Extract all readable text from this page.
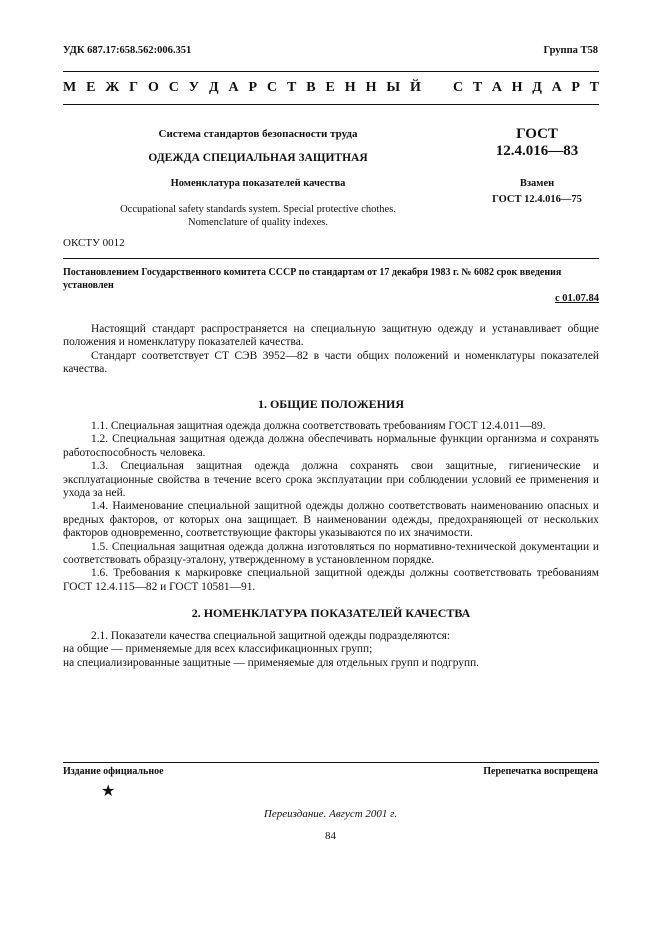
УДК 687.17:658.562:006.351	Группа Т58
М Е Ж Г О С У Д А Р С Т В Е Н Н Ы Й С Т А Н Д А Р Т
Система стандартов безопасности труда
ОДЕЖДА СПЕЦИАЛЬНАЯ ЗАЩИТНАЯ
Номенклатура показателей качества
Occupational safety standards system. Special protective chothes.
Nomenclature of quality indexes.
ГОСТ
12.4.016—83
Взамен
ГОСТ 12.4.016—75
ОКСТУ 0012
Постановлением Государственного комитета СССР по стандартам от 17 декабря 1983 г. № 6082 срок введения установлен
с 01.07.84

Настоящий стандарт распространяется на специальную защитную одежду и устанавливает общие положения и номенклатуру показателей качества.

Стандарт соответствует СТ СЭВ 3952—82 в части общих положений и номенклатуры показателей качества.

1. ОБЩИЕ ПОЛОЖЕНИЯ

1.1. Специальная защитная одежда должна соответствовать требованиям ГОСТ 12.4.011—89.

1.2. Специальная защитная одежда должна обеспечивать нормальные функции организма и сохранять работоспособность человека.

1.3. Специальная защитная одежда должна сохранять свои защитные, гигиенические и эксплуатационные свойства в течение всего срока эксплуатации при соблюдении условий ее применения и ухода за ней.

1.4. Наименование специальной защитной одежды должно соответствовать наименованию опасных и вредных факторов, от которых она защищает. В наименовании одежды, предохраняющей от нескольких факторов одновременно, соответствующие факторы указываются по их значимости.

1.5. Специальная защитная одежда должна изготовляться по нормативно-технической документации и соответствовать образцу-эталону, утвержденному в установленном порядке.

1.6. Требования к маркировке специальной защитной одежды должны соответствовать требованиям ГОСТ 12.4.115—82 и ГОСТ 10581—91.

2. НОМЕНКЛАТУРА ПОКАЗАТЕЛЕЙ КАЧЕСТВА

2.1. Показатели качества специальной защитной одежды подразделяются:

на общие — применяемые для всех классификационных групп;

на специализированные защитные — применяемые для отдельных групп и подгрупп.

Издание официальное	Перепечатка воспрещена
★
Переиздание. Август 2001 г.
84
